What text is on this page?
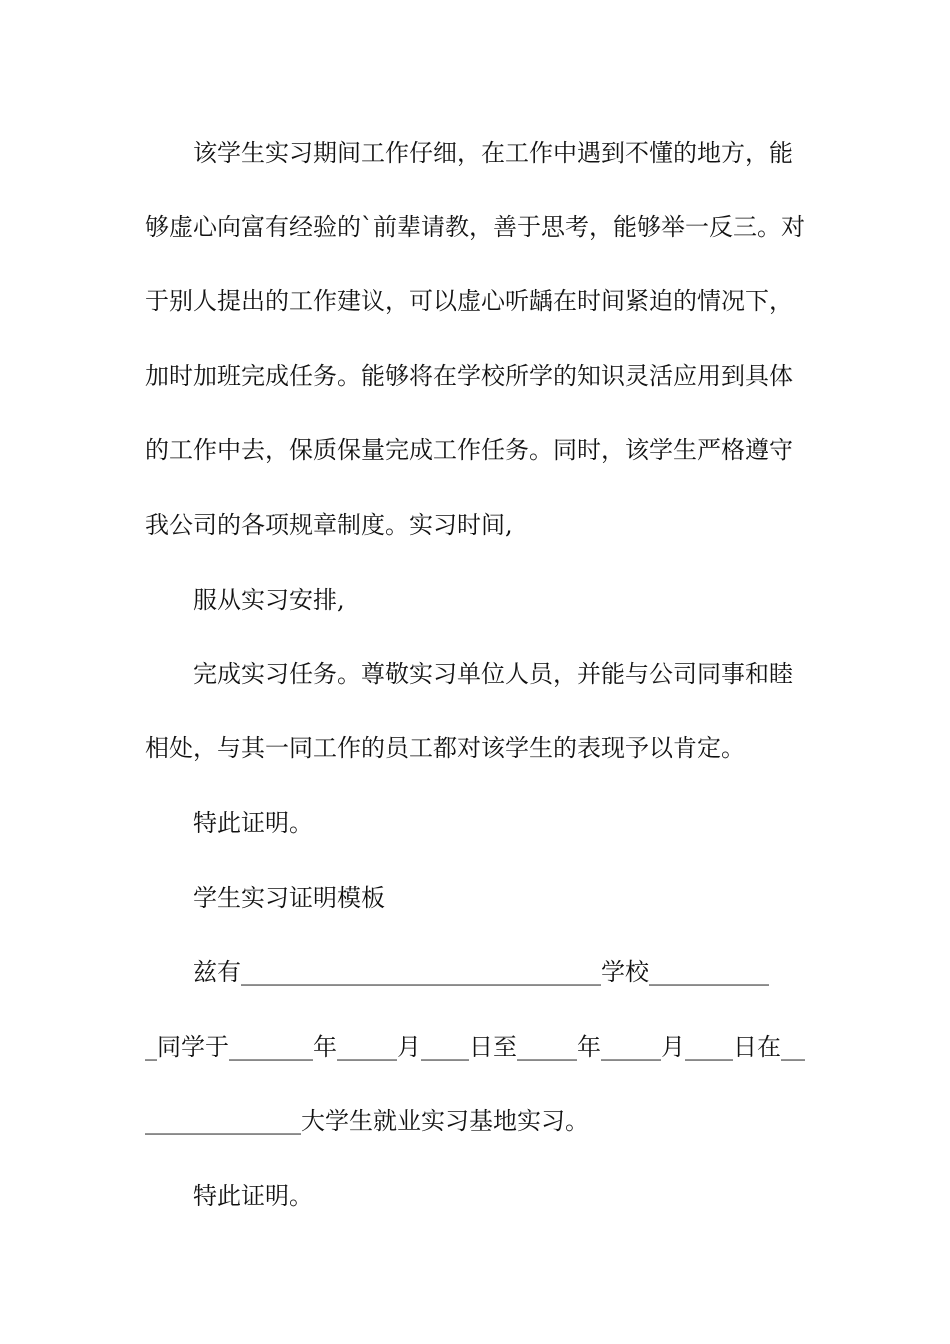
该学生实习期间工作仔细，在工作中遇到不懂的地方，能
够虚心向富有经验的`前辈请教，善于思考，能够举一反三。对
于别人提出的工作建议，可以虚心听龋在时间紧迫的情况下，
加时加班完成任务。能够将在学校所学的知识灵活应用到具体
的工作中去，保质保量完成工作任务。同时，该学生严格遵守
我公司的各项规章制度。实习时间,
服从实习安排,
完成实习任务。尊敬实习单位人员，并能与公司同事和睦
相处，与其一同工作的员工都对该学生的表现予以肯定。
特此证明。
学生实习证明模板
兹有______________________________学校__________
_同学于_______年_____月____日至_____年_____月____日在__
_____________大学生就业实习基地实习。
特此证明。
